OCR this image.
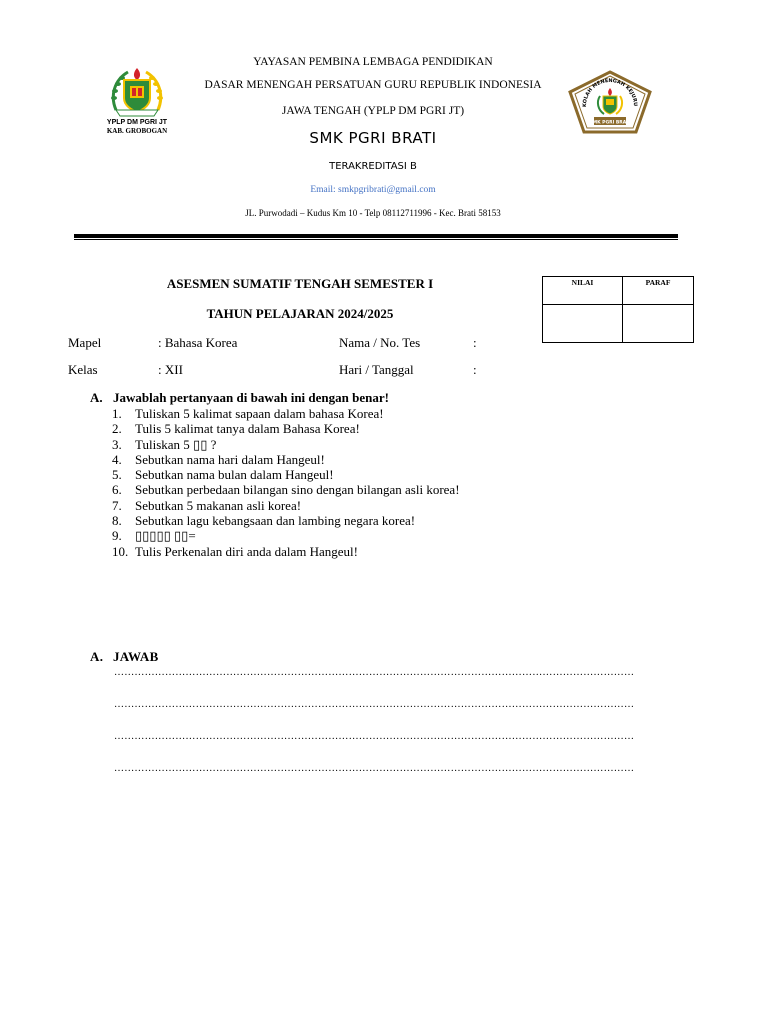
YPLP DM PGRI JT
KAB. GROBOGAN
KOLAH MENENGAH KEJURU
SMK PGRI BRATI
YAYASAN PEMBINA LEMBAGA PENDIDIKAN
DASAR MENENGAH PERSATUAN GURU REPUBLIK INDONESIA
JAWA TENGAH (YPLP DM PGRI JT)
SMK PGRI BRATI
TERAKREDITASI B
Email: smkpgribrati@gmail.com
JL. Purwodadi – Kudus Km 10 - Telp 08112711996 - Kec. Brati 58153
ASESMEN SUMATIF TENGAH SEMESTER I
TAHUN PELAJARAN 2024/2025
NILAI	PARAF
Mapel	: Bahasa Korea	Nama / No. Tes	:
Kelas	: XII	Hari / Tanggal	:
A. Jawablah pertanyaan di bawah ini dengan benar!
1. Tuliskan 5 kalimat sapaan dalam bahasa Korea!
2. Tulis 5 kalimat tanya dalam Bahasa Korea!
3. Tuliskan 5 ▯▯ ?
4. Sebutkan nama hari dalam Hangeul!
5. Sebutkan nama bulan dalam Hangeul!
6. Sebutkan perbedaan bilangan sino dengan bilangan asli korea!
7. Sebutkan 5 makanan asli korea!
8. Sebutkan lagu kebangsaan dan lambing negara korea!
9. ▯▯▯▯▯ ▯▯=
10. Tulis Perkenalan diri anda dalam Hangeul!
A. JAWAB
………………………………………………………………………………………………………………………………………
………………………………………………………………………………………………………………………………………
………………………………………………………………………………………………………………………………………
………………………………………………………………………………………………………………………………………
